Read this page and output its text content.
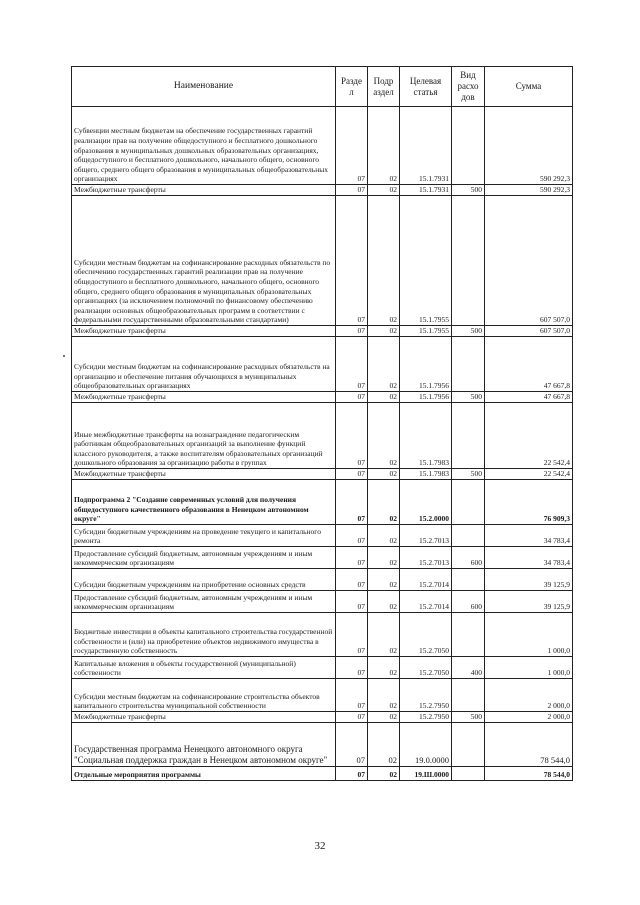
Наименование	Разде л	Подр аздел	Целевая статья	Вид расхо дов	Сумма
Субвенции местным бюджетам на обеспечение государственных гарантий реализации прав на получение общедоступного и бесплатного дошкольного образования в муниципальных дошкольных образовательных организациях, общедоступного и бесплатного дошкольного, начального общего, основного общего, среднего общего образования в муниципальных общеобразовательных организациях	07	02	15.1.7931		590 292,3
Межбюджетные трансферты	07	02	15.1.7931	500	590 292,3
Субсидии местным бюджетам на софинансирование расходных обязательств по обеспечению государственных гарантий реализации прав на получение общедоступного и бесплатного дошкольного, начального общего, основного общего, среднего общего образования в муниципальных образовательных организациях (за исключением полномочий по финансовому обеспечению реализации основных общеобразовательных программ в соответствии с федеральными государственными образовательными стандартами)	07	02	15.1.7955		607 507,0
Межбюджетные трансферты	07	02	15.1.7955	500	607 507,0
Субсидии местным бюджетам на софинансирование расходных обязательств на организацию и обеспечение питания обучающихся в муниципальных общеобразовательных организациях	07	02	15.1.7956		47 667,8
Межбюджетные трансферты	07	02	15.1.7956	500	47 667,8
Иные межбюджетные трансферты на вознаграждение педагогическим работникам общеобразовательных организаций за выполнение функций классного руководителя, а также воспитателям образовательных организаций дошкольного образования за организацию работы в группах	07	02	15.1.7983		22 542,4
Межбюджетные трансферты	07	02	15.1.7983	500	22 542,4
Подпрограмма 2 "Создание современных условий для получения общедоступного качественного образования в Ненецком автономном округе"	07	02	15.2.0000		76 909,3
Субсидии бюджетным учреждениям на проведение текущего и капитального ремонта	07	02	15.2.7013		34 783,4
Предоставление субсидий бюджетным, автономным учреждениям и иным некоммерческим организациям	07	02	15.2.7013	600	34 783,4
Субсидии бюджетным учреждениям на приобретение основных средств	07	02	15.2.7014		39 125,9
Предоставление субсидий бюджетным, автономным учреждениям и иным некоммерческим организациям	07	02	15.2.7014	600	39 125,9
Бюджетные инвестиции в объекты капитального строительства государственной собственности и (или) на приобретение объектов недвижимого имущества в государственную собственность	07	02	15.2.7050		1 000,0
Капитальные вложения в объекты государственной (муниципальной) собственности	07	02	15.2.7050	400	1 000,0
Субсидии местным бюджетам на софинансирование строительства объектов капитального строительства муниципальной собственности	07	02	15.2.7950		2 000,0
Межбюджетные трансферты	07	02	15.2.7950	500	2 000,0
Государственная программа Ненецкого автономного округа "Социальная поддержка граждан в Ненецком автономном округе"	07	02	19.0.0000		78 544,0
Отдельные мероприятия программы	07	02	19.Ш.0000		78 544,0
32
